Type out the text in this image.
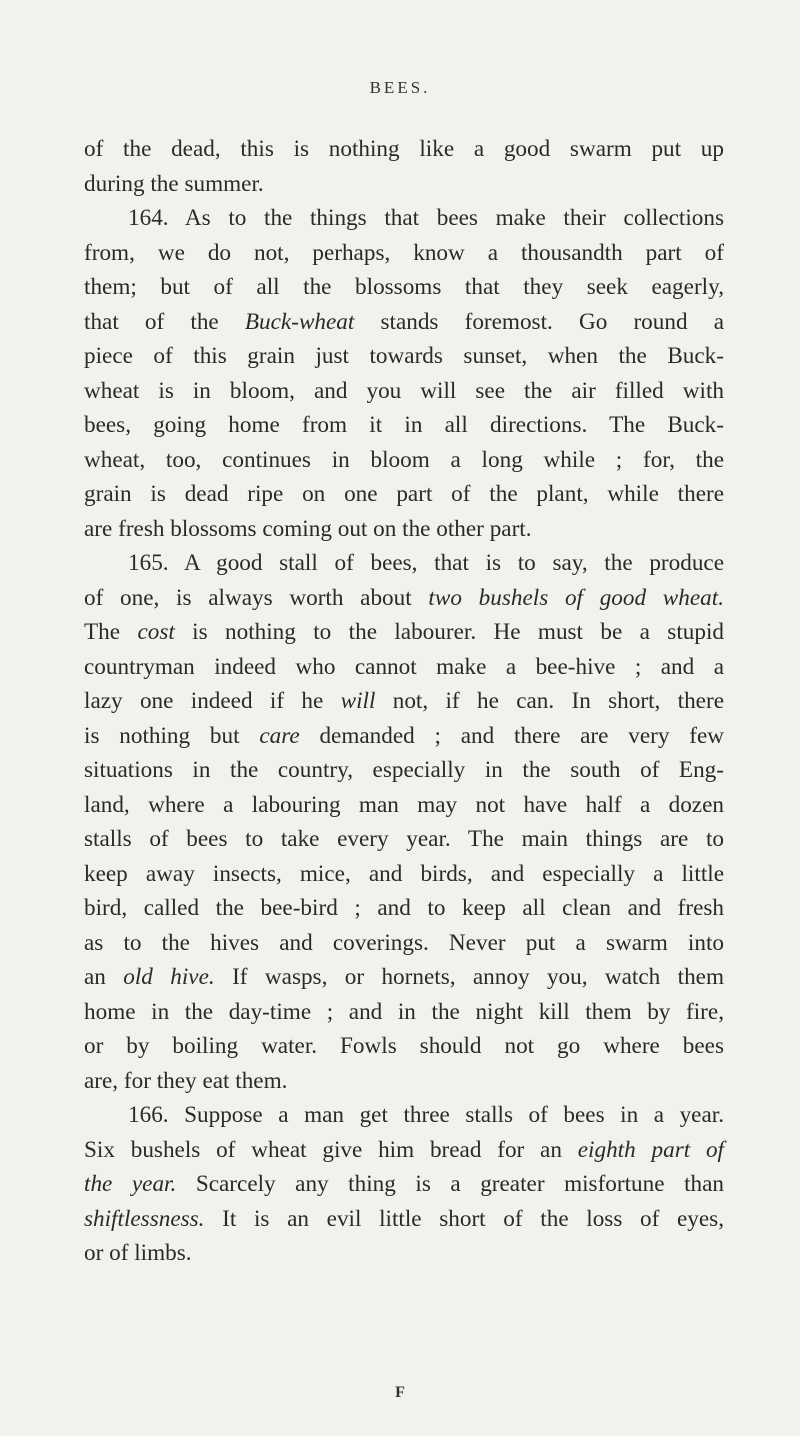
BEES.
of the dead, this is nothing like a good swarm put up
during the summer.
164. As to the things that bees make their collections
from, we do not, perhaps, know a thousandth part of
them; but of all the blossoms that they seek eagerly,
that of the Buck-wheat stands foremost. Go round a
piece of this grain just towards sunset, when the Buck-
wheat is in bloom, and you will see the air filled with
bees, going home from it in all directions. The Buck-
wheat, too, continues in bloom a long while ; for, the
grain is dead ripe on one part of the plant, while there
are fresh blossoms coming out on the other part.
165. A good stall of bees, that is to say, the produce
of one, is always worth about two bushels of good wheat.
The cost is nothing to the labourer. He must be a stupid
countryman indeed who cannot make a bee-hive ; and a
lazy one indeed if he will not, if he can. In short, there
is nothing but care demanded ; and there are very few
situations in the country, especially in the south of Eng-
land, where a labouring man may not have half a dozen
stalls of bees to take every year. The main things are to
keep away insects, mice, and birds, and especially a little
bird, called the bee-bird ; and to keep all clean and fresh
as to the hives and coverings. Never put a swarm into
an old hive. If wasps, or hornets, annoy you, watch them
home in the day-time ; and in the night kill them by fire,
or by boiling water. Fowls should not go where bees
are, for they eat them.
166. Suppose a man get three stalls of bees in a year.
Six bushels of wheat give him bread for an eighth part of
the year. Scarcely any thing is a greater misfortune than
shiftlessness. It is an evil little short of the loss of eyes,
or of limbs.
F
